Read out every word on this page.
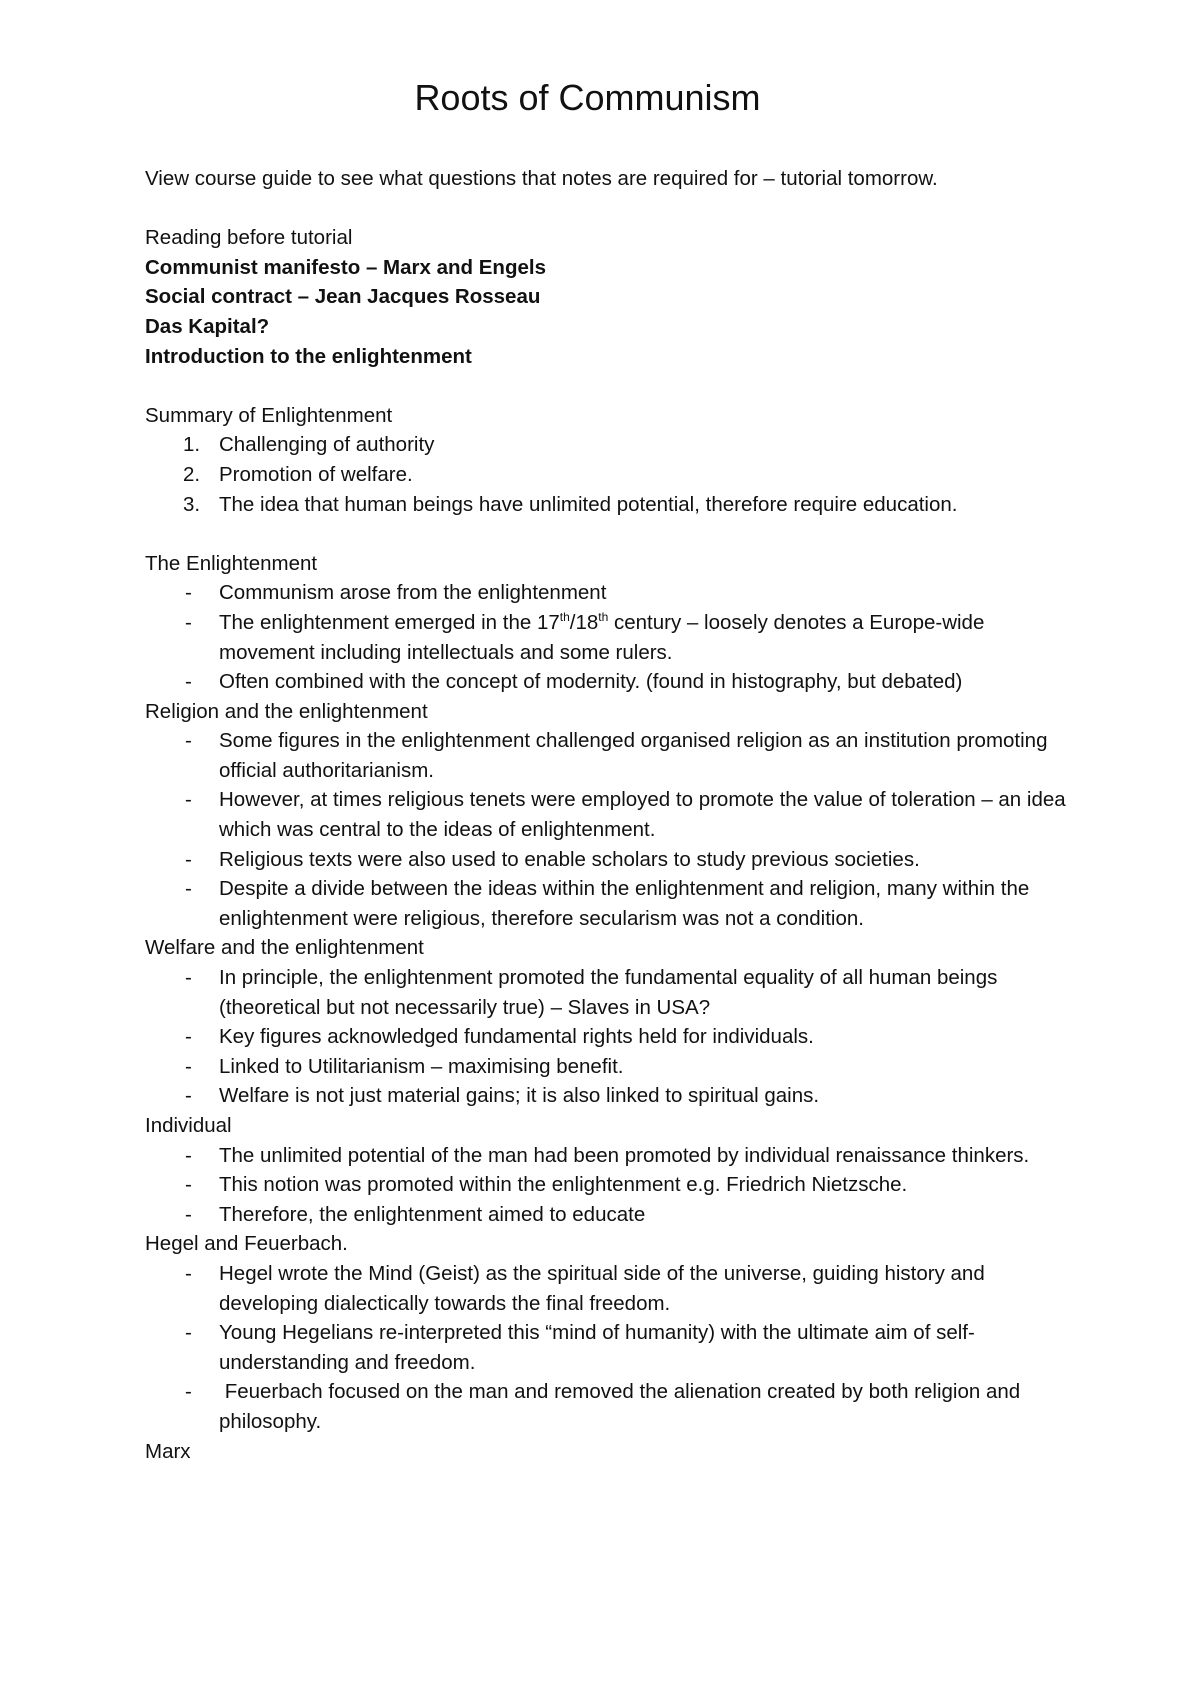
Roots of Communism

View course guide to see what questions that notes are required for – tutorial tomorrow.

Reading before tutorial

Communist manifesto – Marx and Engels

Social contract – Jean Jacques Rosseau

Das Kapital?

Introduction to the enlightenment

Summary of Enlightenment

1. Challenging of authority
2. Promotion of welfare.
3. The idea that human beings have unlimited potential, therefore require education.

The Enlightenment

- Communism arose from the enlightenment
- The enlightenment emerged in the 17th/18th century – loosely denotes a Europe-wide movement including intellectuals and some rulers.
- Often combined with the concept of modernity. (found in histography, but debated)

Religion and the enlightenment

- Some figures in the enlightenment challenged organised religion as an institution promoting official authoritarianism.
- However, at times religious tenets were employed to promote the value of toleration – an idea which was central to the ideas of enlightenment.
- Religious texts were also used to enable scholars to study previous societies.
- Despite a divide between the ideas within the enlightenment and religion, many within the enlightenment were religious, therefore secularism was not a condition.

Welfare and the enlightenment

- In principle, the enlightenment promoted the fundamental equality of all human beings (theoretical but not necessarily true) – Slaves in USA?
- Key figures acknowledged fundamental rights held for individuals.
- Linked to Utilitarianism – maximising benefit.
- Welfare is not just material gains; it is also linked to spiritual gains.

Individual

- The unlimited potential of the man had been promoted by individual renaissance thinkers.
- This notion was promoted within the enlightenment e.g. Friedrich Nietzsche.
- Therefore, the enlightenment aimed to educate

Hegel and Feuerbach.

- Hegel wrote the Mind (Geist) as the spiritual side of the universe, guiding history and developing dialectically towards the final freedom.
- Young Hegelians re-interpreted this “mind of humanity) with the ultimate aim of self-understanding and freedom.
- Feuerbach focused on the man and removed the alienation created by both religion and philosophy.

Marx
